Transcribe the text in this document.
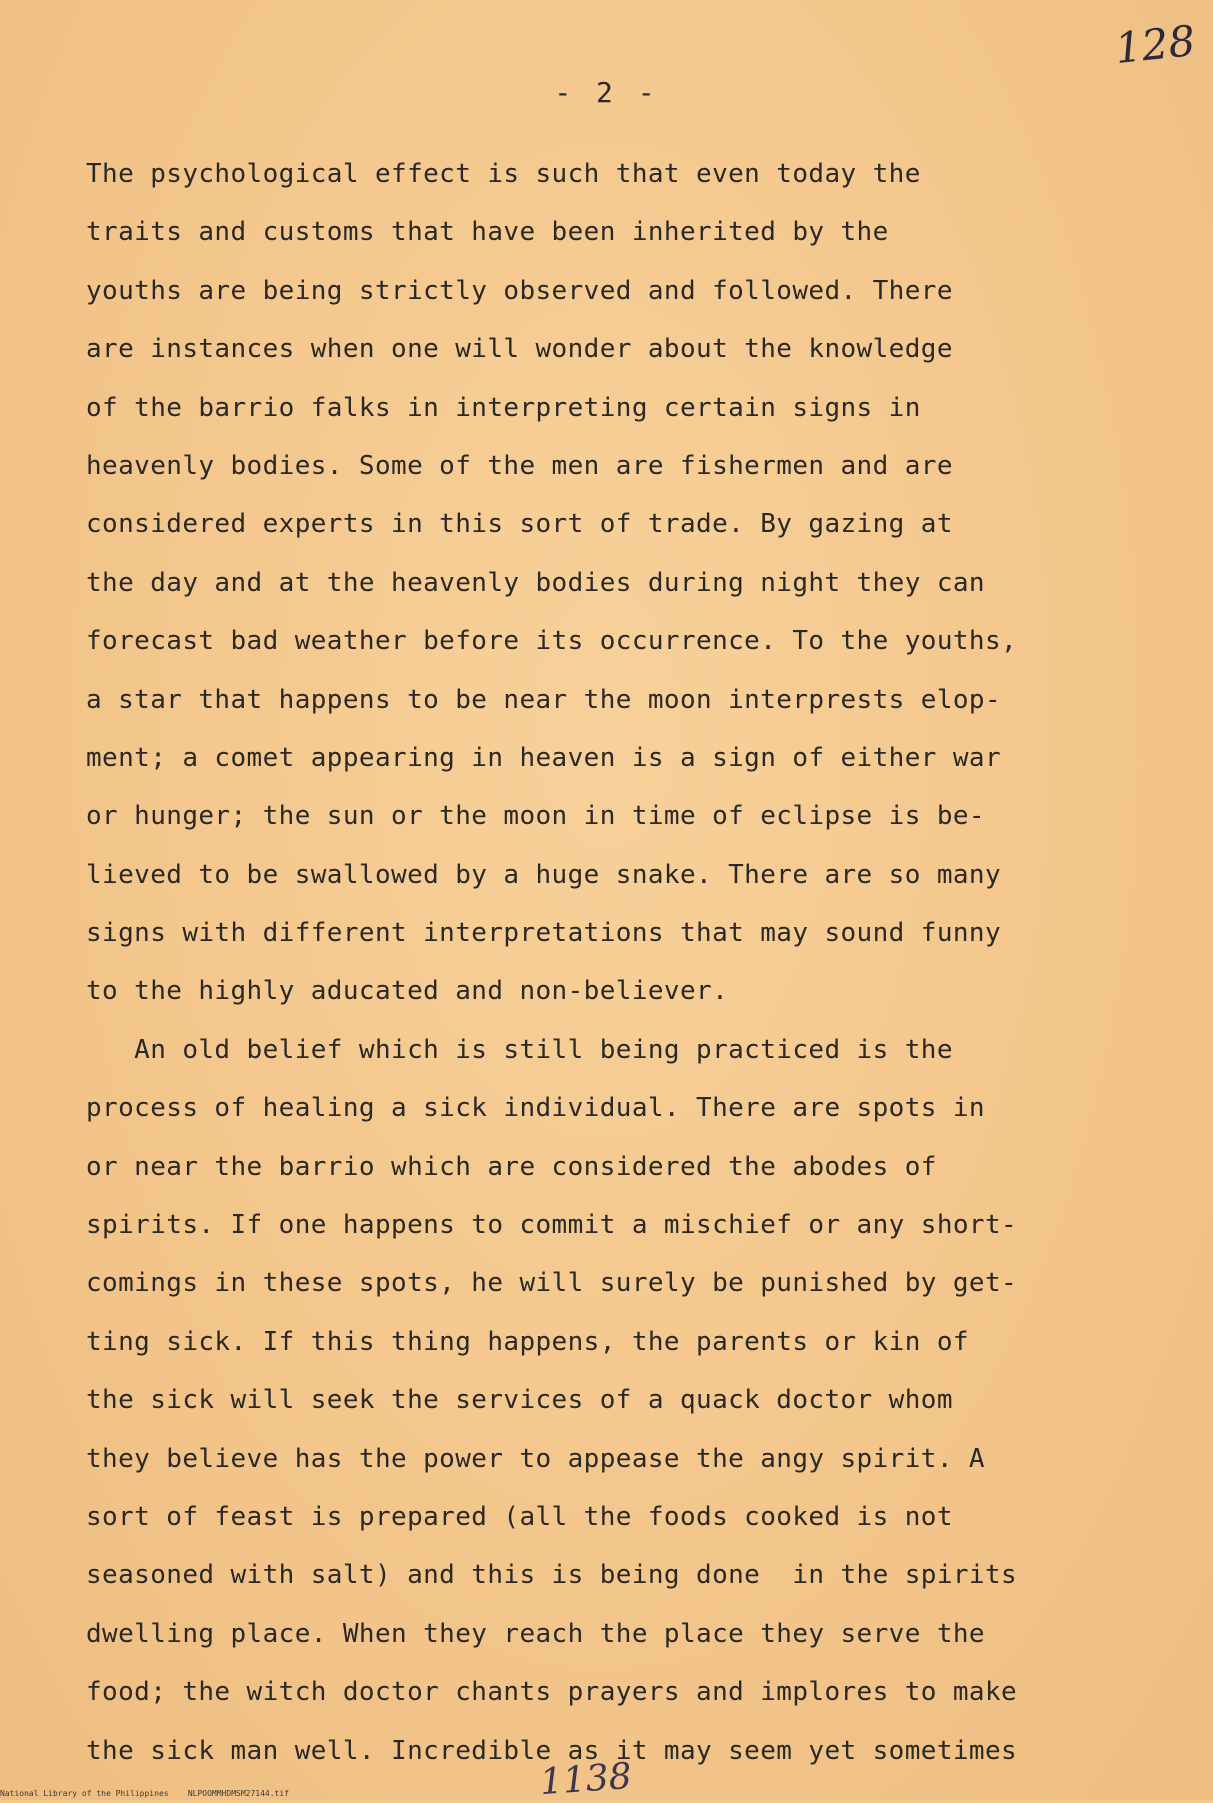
128
- 2 -
The psychological effect is such that even today the
traits and customs that have been inherited by the
youths are being strictly observed and followed. There
are instances when one will wonder about the knowledge
of the barrio falks in interpreting certain signs in
heavenly bodies. Some of the men are fishermen and are
considered experts in this sort of trade. By gazing at
the day and at the heavenly bodies during night they can
forecast bad weather before its occurrence. To the youths,
a star that happens to be near the moon interprests elop-
ment; a comet appearing in heaven is a sign of either war
or hunger; the sun or the moon in time of eclipse is be-
lieved to be swallowed by a huge snake. There are so many
signs with different interpretations that may sound funny
to the highly aducated and non-believer.
An old belief which is still being practiced is the
process of healing a sick individual. There are spots in
or near the barrio which are considered the abodes of
spirits. If one happens to commit a mischief or any short-
comings in these spots, he will surely be punished by get-
ting sick. If this thing happens, the parents or kin of
the sick will seek the services of a quack doctor whom
they believe has the power to appease the angy spirit. A
sort of feast is prepared (all the foods cooked is not
seasoned with salt) and this is being done  in the spirits
dwelling place. When they reach the place they serve the
food; the witch doctor chants prayers and implores to make
the sick man well. Incredible as it may seem yet sometimes
National Library of the Philippines    NLPOOMMHDMSM27144.tif	1138
